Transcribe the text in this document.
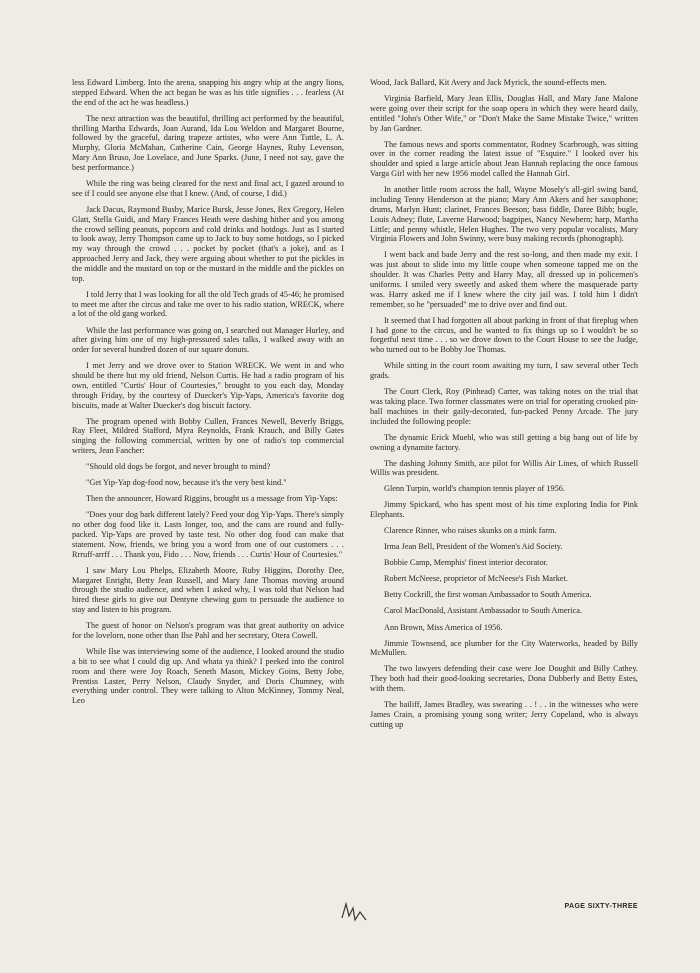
less Edward Limberg. Into the arena, snapping his angry whip at the angry lions, stepped Edward. When the act began he was as his title signifies . . . fearless (At the end of the act he was headless.)

The next attraction was the beautiful, thrilling act performed by the beautiful, thrilling Martha Edwards, Joan Aurand, Ida Lou Weldon and Margaret Bourne, followed by the graceful, daring trapeze artistes, who were Ann Tuttle, L. A. Murphy, Gloria McMahan, Catherine Cain, George Haynes, Ruby Levenson, Mary Ann Bruso, Joe Lovelace, and June Sparks. (June, I need not say, gave the best performance.)

While the ring was being cleared for the next and final act, I gazed around to see if I could see anyone else that I knew. (And, of course, I did.)

Jack Dacus, Raymond Busby, Marice Bursk, Jesse Jones, Rex Gregory, Helen Glatt, Stella Guidi, and Mary Frances Heath were dashing hither and you among the crowd selling peanuts, popcorn and cold drinks and hotdogs. Just as I started to look away, Jerry Thompson came up to Jack to buy some hotdogs, so I picked my way through the crowd . . . pocket by pocket (that's a joke), and as I approached Jerry and Jack, they were arguing about whether to put the pickles in the middle and the mustard on top or the mustard in the middle and the pickles on top.

I told Jerry that I was looking for all the old Tech grads of 45-46; he promised to meet me after the circus and take me over to his radio station, WRECK, where a lot of the old gang worked.

While the last performance was going on, I searched out Manager Hurley, and after giving him one of my high-pressured sales talks, I walked away with an order for several hundred dozen of our square donuts.

I met Jerry and we drove over to Station WRECK. We went in and who should be there but my old friend, Nelson Curtis. He had a radio program of his own, entitled "Curtis' Hour of Courtesies," brought to you each day, Monday through Friday, by the courtesy of Duecker's Yip-Yaps, America's favorite dog biscuits, made at Walter Duecker's dog biscuit factory.

The program opened with Bobby Cullen, Frances Newell, Beverly Briggs, Ray Fleet, Mildred Stafford, Myra Reynolds, Frank Krauch, and Billy Gates singing the following commercial, written by one of radio's top commercial writers, Jean Fancher:

"Should old dogs be forgot, and never brought to mind?

"Get Yip-Yap dog-food now, because it's the very best kind."

Then the announcer, Howard Riggins, brought us a message from Yip-Yaps:

"Does your dog bark different lately? Feed your dog Yip-Yaps. There's simply no other dog food like it. Lasts longer, too, and the cans are round and fully-packed. Yip-Yaps are proved by taste test. No other dog food can make that statement. Now, friends, we bring you a word from one of our customers . . . Rrruff-arrff . . . Thank you, Fido . . . Now, friends . . . Curtis' Hour of Courtesies."

I saw Mary Lou Phelps, Elizabeth Moore, Ruby Higgins, Dorothy Dee, Margaret Enright, Betty Jean Russell, and Mary Jane Thomas moving around through the studio audience, and when I asked why, I was told that Nelson had hired these girls to give out Dentyne chewing gum to persuade the audience to stay and listen to his program.

The guest of honor on Nelson's program was that great authority on advice for the lovelorn, none other than Ilse Pahl and her secretary, Otera Cowell.

While Ilse was interviewing some of the audience, I looked around the studio a bit to see what I could dig up. And whata ya think? I peeked into the control room and there were Joy Roach, Seneth Mason, Mickey Goins, Betty Jobe, Prentiss Laster, Perry Nelson, Claudy Snyder, and Doris Chumney, with everything under control. They were talking to Alton McKinney, Tommy Neal, Leo

Wood, Jack Ballard, Kit Avery and Jack Myrick, the sound-effects men.

Virginia Barfield, Mary Jean Ellis, Douglas Hall, and Mary Jane Malone were going over their script for the soap opera in which they were heard daily, entitled "John's Other Wife," or "Don't Make the Same Mistake Twice," written by Jan Gardner.

The famous news and sports commentator, Rodney Scarbrough, was sitting over in the corner reading the latest issue of "Esquire." I looked over his shoulder and spied a large article about Jean Hannah replacing the once famous Varga Girl with her new 1956 model called the Hannah Girl.

In another little room across the hall, Wayne Mosely's all-girl swing band, including Tenny Henderson at the piano; Mary Ann Akers and her saxophone; drums, Marlyn Hunt; clarinet, Frances Beeson; bass fiddle, Daree Bibb; bugle, Louis Adney; flute, Laverne Harwood; bagpipes, Nancy Newbern; harp, Martha Little; and penny whistle, Helen Hughes. The two very popular vocalists, Mary Virginia Flowers and John Swinny, were busy making records (phonograph).

I went back and bade Jerry and the rest so-long, and then made my exit. I was just about to slide into my little coupe when someone tapped me on the shoulder. It was Charles Petty and Harry May, all dressed up in policemen's uniforms. I smiled very sweetly and asked them where the masquerade party was. Harry asked me if I knew where the city jail was. I told him I didn't remember, so he "persuaded" me to drive over and find out.

It seemed that I had forgotten all about parking in front of that fireplug when I had gone to the circus, and he wanted to fix things up so I wouldn't be so forgetful next time . . . so we drove down to the Court House to see the Judge, who turned out to be Bobby Joe Thomas.

While sitting in the court room awaiting my turn, I saw several other Tech grads.

The Court Clerk, Roy (Pinhead) Carter, was taking notes on the trial that was taking place. Two former classmates were on trial for operating crooked pin-ball machines in their gaily-decorated, fun-packed Penny Arcade. The jury included the following people:

The dynamic Erick Muehl, who was still getting a big bang out of life by owning a dynamite factory.

The dashing Johnny Smith, ace pilot for Willis Air Lines, of which Russell Willis was president.

Glenn Turpin, world's champion tennis player of 1956.

Jimmy Spickard, who has spent most of his time exploring India for Pink Elephants.

Clarence Rinner, who raises skunks on a mink farm.

Irma Jean Bell, President of the Women's Aid Society.

Bobbie Camp, Memphis' finest interior decorator.

Robert McNeese, proprietor of McNeese's Fish Market.

Betty Cockrill, the first woman Ambassador to South America.

Carol MacDonald, Assistant Ambassador to South America.

Ann Brown, Miss America of 1956.

Jimmie Townsend, ace plumber for the City Waterworks, headed by Billy McMullen.

The two lawyers defending their case were Joe Doughit and Billy Cathey. They both had their good-looking secretaries, Dona Dubberly and Betty Estes, with them.

The bailiff, James Bradley, was swearing . . ! . . in the witnesses who were James Crain, a promising young song writer; Jerry Copeland, who is always cutting up

PAGE SIXTY-THREE
